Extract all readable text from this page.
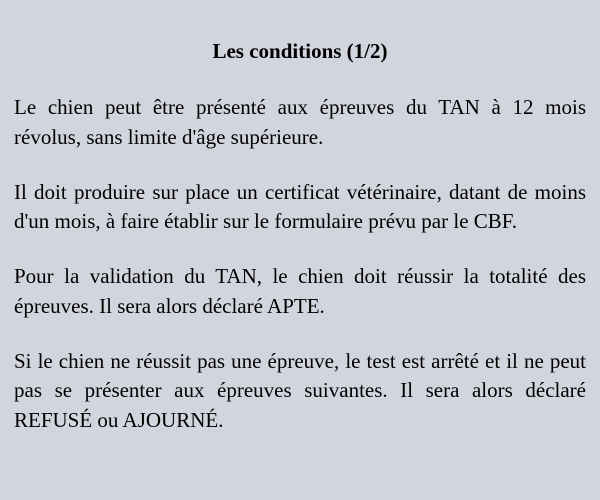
Les conditions (1/2)

Le chien peut être présenté aux épreuves du TAN à 12 mois révolus, sans limite d'âge supérieure.

Il doit produire sur place un certificat vétérinaire, datant de moins d'un mois, à faire établir sur le formulaire prévu par le CBF.

Pour la validation du TAN, le chien doit réussir la totalité des épreuves. Il sera alors déclaré APTE.

Si le chien ne réussit pas une épreuve, le test est arrêté et il ne peut pas se présenter aux épreuves suivantes. Il sera alors déclaré REFUSÉ ou AJOURNÉ.
